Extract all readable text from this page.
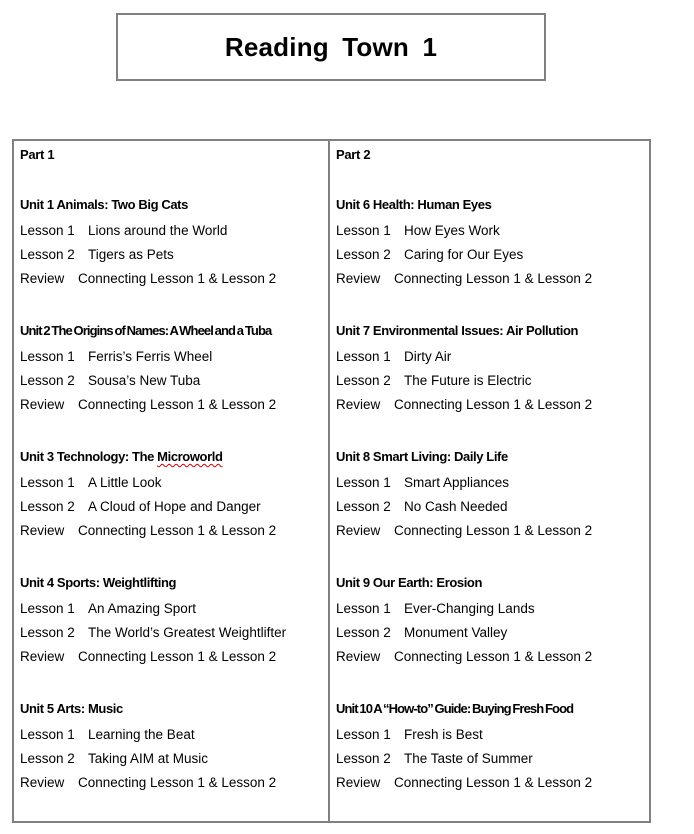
Reading Town 1
Part 1
Unit 1 Animals: Two Big Cats
Lesson 1 Lions around the World
Lesson 2 Tigers as Pets
Review	Connecting Lesson 1 & Lesson 2
Unit 2 The Origins of Names: A Wheel and a Tuba
Lesson 1 Ferris’s Ferris Wheel
Lesson 2 Sousa’s New Tuba
Review	Connecting Lesson 1 & Lesson 2
Unit 3 Technology: The Microworld
Lesson 1 A Little Look
Lesson 2 A Cloud of Hope and Danger
Review	Connecting Lesson 1 & Lesson 2
Unit 4 Sports: Weightlifting
Lesson 1 An Amazing Sport
Lesson 2 The World’s Greatest Weightlifter
Review	Connecting Lesson 1 & Lesson 2
Unit 5 Arts: Music
Lesson 1 Learning the Beat
Lesson 2 Taking AIM at Music
Review	Connecting Lesson 1 & Lesson 2
Part 2
Unit 6 Health: Human Eyes
Lesson 1 How Eyes Work
Lesson 2 Caring for Our Eyes
Review	Connecting Lesson 1 & Lesson 2
Unit 7 Environmental Issues: Air Pollution
Lesson 1 Dirty Air
Lesson 2 The Future is Electric
Review	Connecting Lesson 1 & Lesson 2
Unit 8 Smart Living: Daily Life
Lesson 1 Smart Appliances
Lesson 2 No Cash Needed
Review	Connecting Lesson 1 & Lesson 2
Unit 9 Our Earth: Erosion
Lesson 1 Ever-Changing Lands
Lesson 2 Monument Valley
Review	Connecting Lesson 1 & Lesson 2
Unit 10 A “How-to” Guide: Buying Fresh Food
Lesson 1 Fresh is Best
Lesson 2 The Taste of Summer
Review	Connecting Lesson 1 & Lesson 2
